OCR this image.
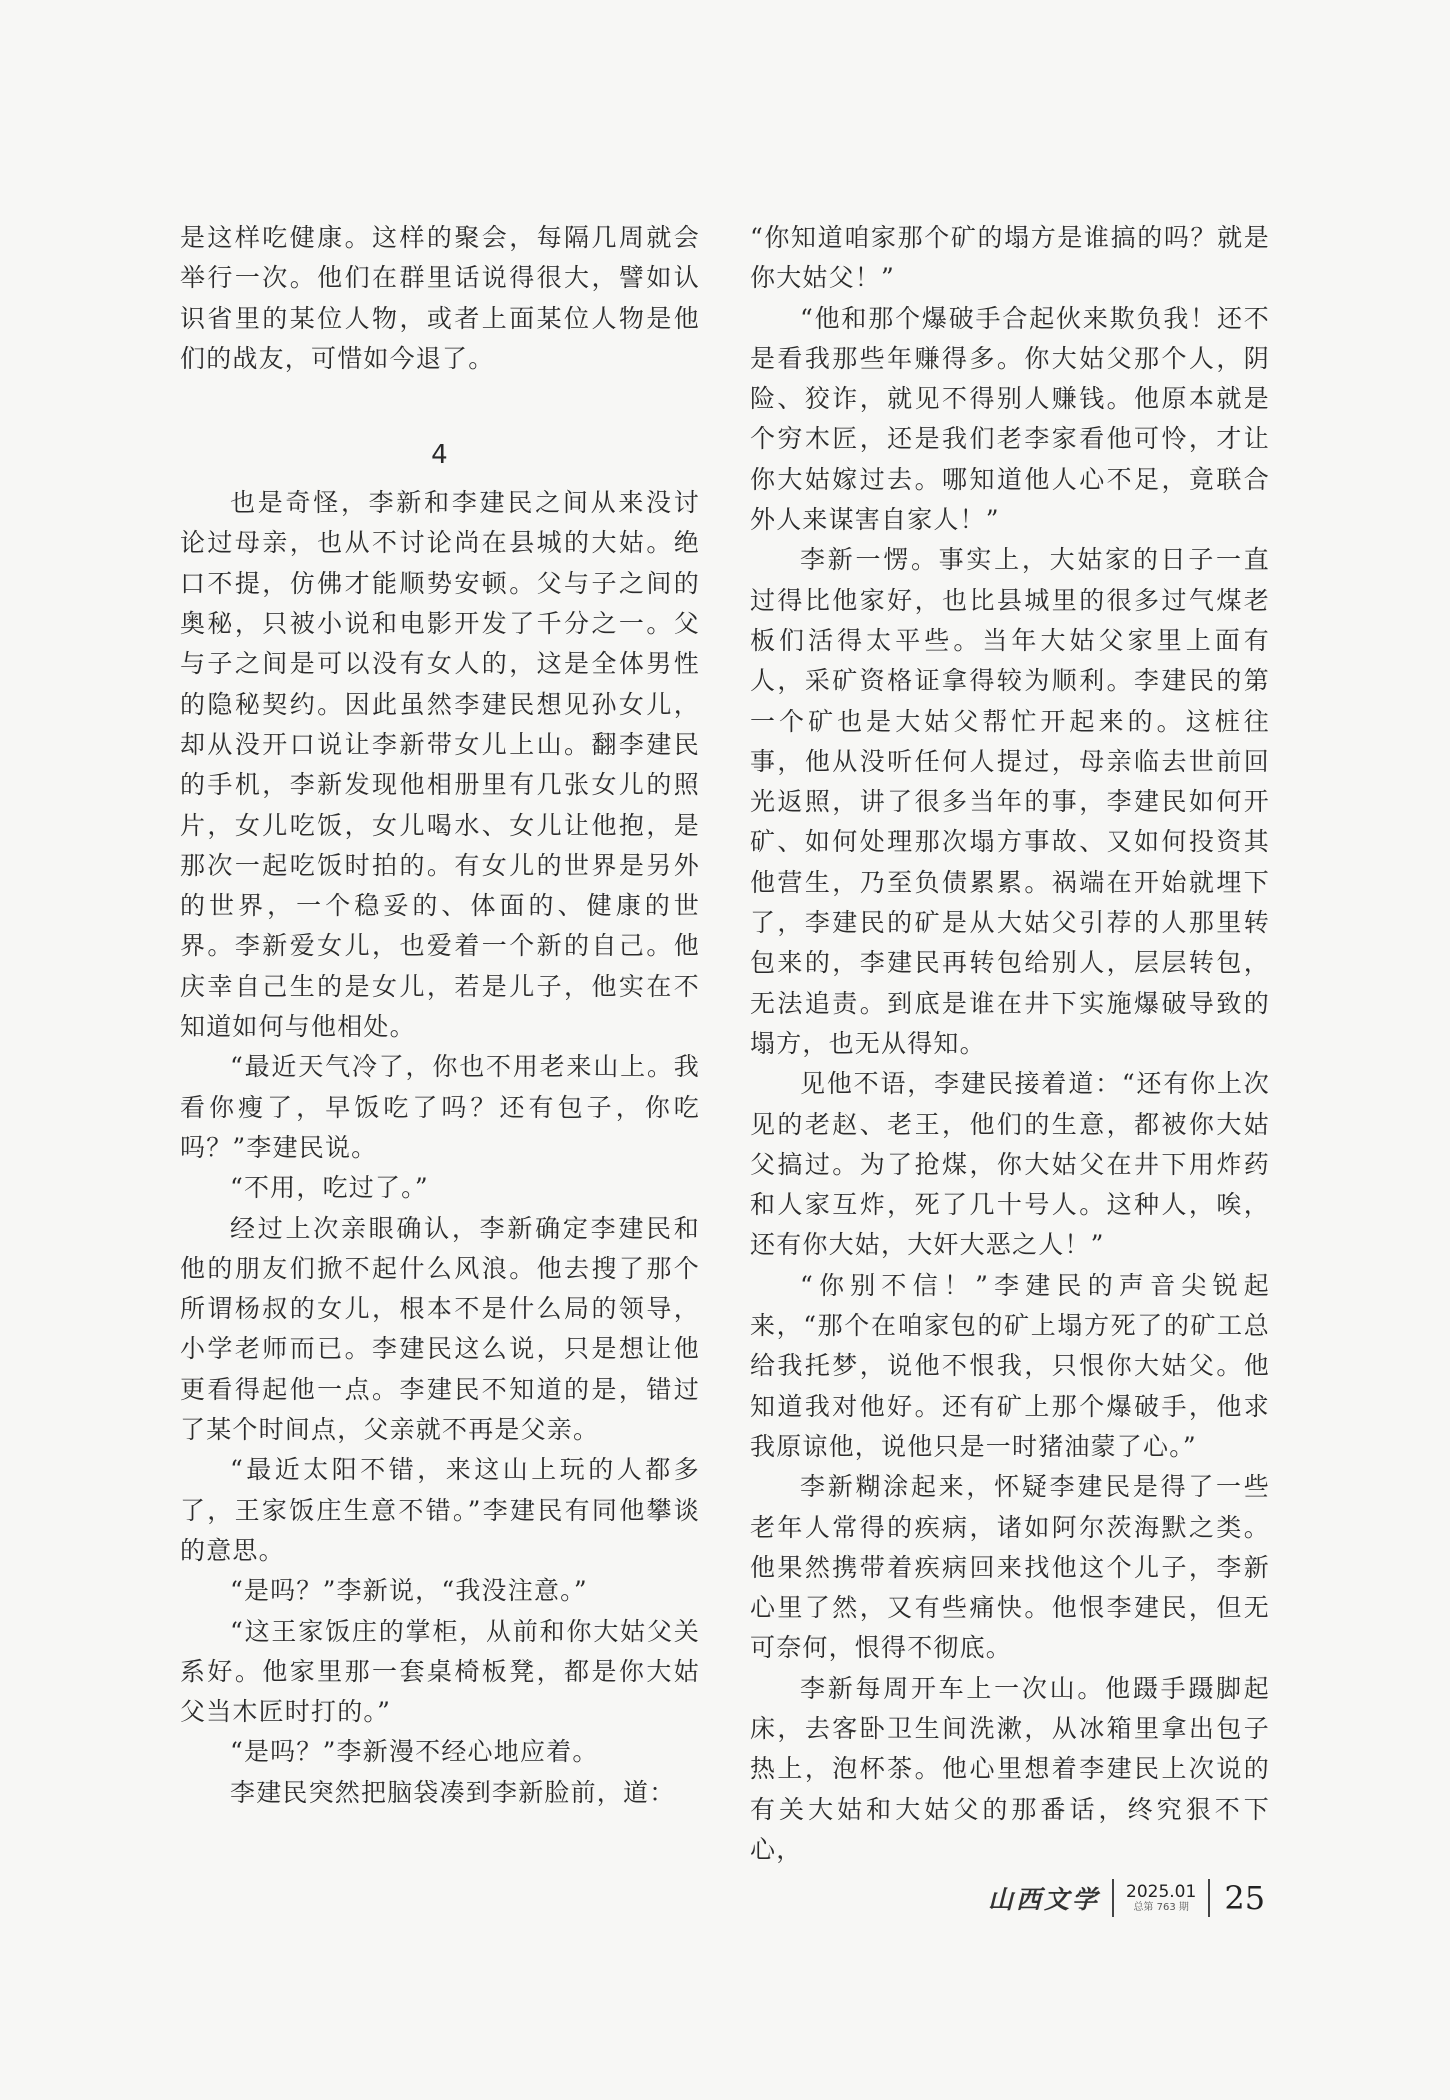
是这样吃健康。这样的聚会，每隔几周就会举行一次。他们在群里话说得很大，譬如认识省里的某位人物，或者上面某位人物是他们的战友，可惜如今退了。

4

也是奇怪，李新和李建民之间从来没讨论过母亲，也从不讨论尚在县城的大姑。绝口不提，仿佛才能顺势安顿。父与子之间的奥秘，只被小说和电影开发了千分之一。父与子之间是可以没有女人的，这是全体男性的隐秘契约。因此虽然李建民想见孙女儿，却从没开口说让李新带女儿上山。翻李建民的手机，李新发现他相册里有几张女儿的照片，女儿吃饭，女儿喝水、女儿让他抱，是那次一起吃饭时拍的。有女儿的世界是另外的世界，一个稳妥的、体面的、健康的世界。李新爱女儿，也爱着一个新的自己。他庆幸自己生的是女儿，若是儿子，他实在不知道如何与他相处。

“最近天气冷了，你也不用老来山上。我看你瘦了，早饭吃了吗？还有包子，你吃吗？”李建民说。

“不用，吃过了。”

经过上次亲眼确认，李新确定李建民和他的朋友们掀不起什么风浪。他去搜了那个所谓杨叔的女儿，根本不是什么局的领导，小学老师而已。李建民这么说，只是想让他更看得起他一点。李建民不知道的是，错过了某个时间点，父亲就不再是父亲。

“最近太阳不错，来这山上玩的人都多了，王家饭庄生意不错。”李建民有同他攀谈的意思。

“是吗？”李新说，“我没注意。”

“这王家饭庄的掌柜，从前和你大姑父关系好。他家里那一套桌椅板凳，都是你大姑父当木匠时打的。”

“是吗？”李新漫不经心地应着。

李建民突然把脑袋凑到李新脸前，道：

“你知道咱家那个矿的塌方是谁搞的吗？就是你大姑父！”

“他和那个爆破手合起伙来欺负我！还不是看我那些年赚得多。你大姑父那个人，阴险、狡诈，就见不得别人赚钱。他原本就是个穷木匠，还是我们老李家看他可怜，才让你大姑嫁过去。哪知道他人心不足，竟联合外人来谋害自家人！”

李新一愣。事实上，大姑家的日子一直过得比他家好，也比县城里的很多过气煤老板们活得太平些。当年大姑父家里上面有人，采矿资格证拿得较为顺利。李建民的第一个矿也是大姑父帮忙开起来的。这桩往事，他从没听任何人提过，母亲临去世前回光返照，讲了很多当年的事，李建民如何开矿、如何处理那次塌方事故、又如何投资其他营生，乃至负债累累。祸端在开始就埋下了，李建民的矿是从大姑父引荐的人那里转包来的，李建民再转包给别人，层层转包，无法追责。到底是谁在井下实施爆破导致的塌方，也无从得知。

见他不语，李建民接着道：“还有你上次见的老赵、老王，他们的生意，都被你大姑父搞过。为了抢煤，你大姑父在井下用炸药和人家互炸，死了几十号人。这种人，唉，还有你大姑，大奸大恶之人！”

“你别不信！”李建民的声音尖锐起来，“那个在咱家包的矿上塌方死了的矿工总给我托梦，说他不恨我，只恨你大姑父。他知道我对他好。还有矿上那个爆破手，他求我原谅他，说他只是一时猪油蒙了心。”

李新糊涂起来，怀疑李建民是得了一些老年人常得的疾病，诸如阿尔茨海默之类。他果然携带着疾病回来找他这个儿子，李新心里了然，又有些痛快。他恨李建民，但无可奈何，恨得不彻底。

李新每周开车上一次山。他蹑手蹑脚起床，去客卧卫生间洗漱，从冰箱里拿出包子热上，泡杯茶。他心里想着李建民上次说的有关大姑和大姑父的那番话，终究狠不下心，

山西文学	2025.01
总第 763 期	25
